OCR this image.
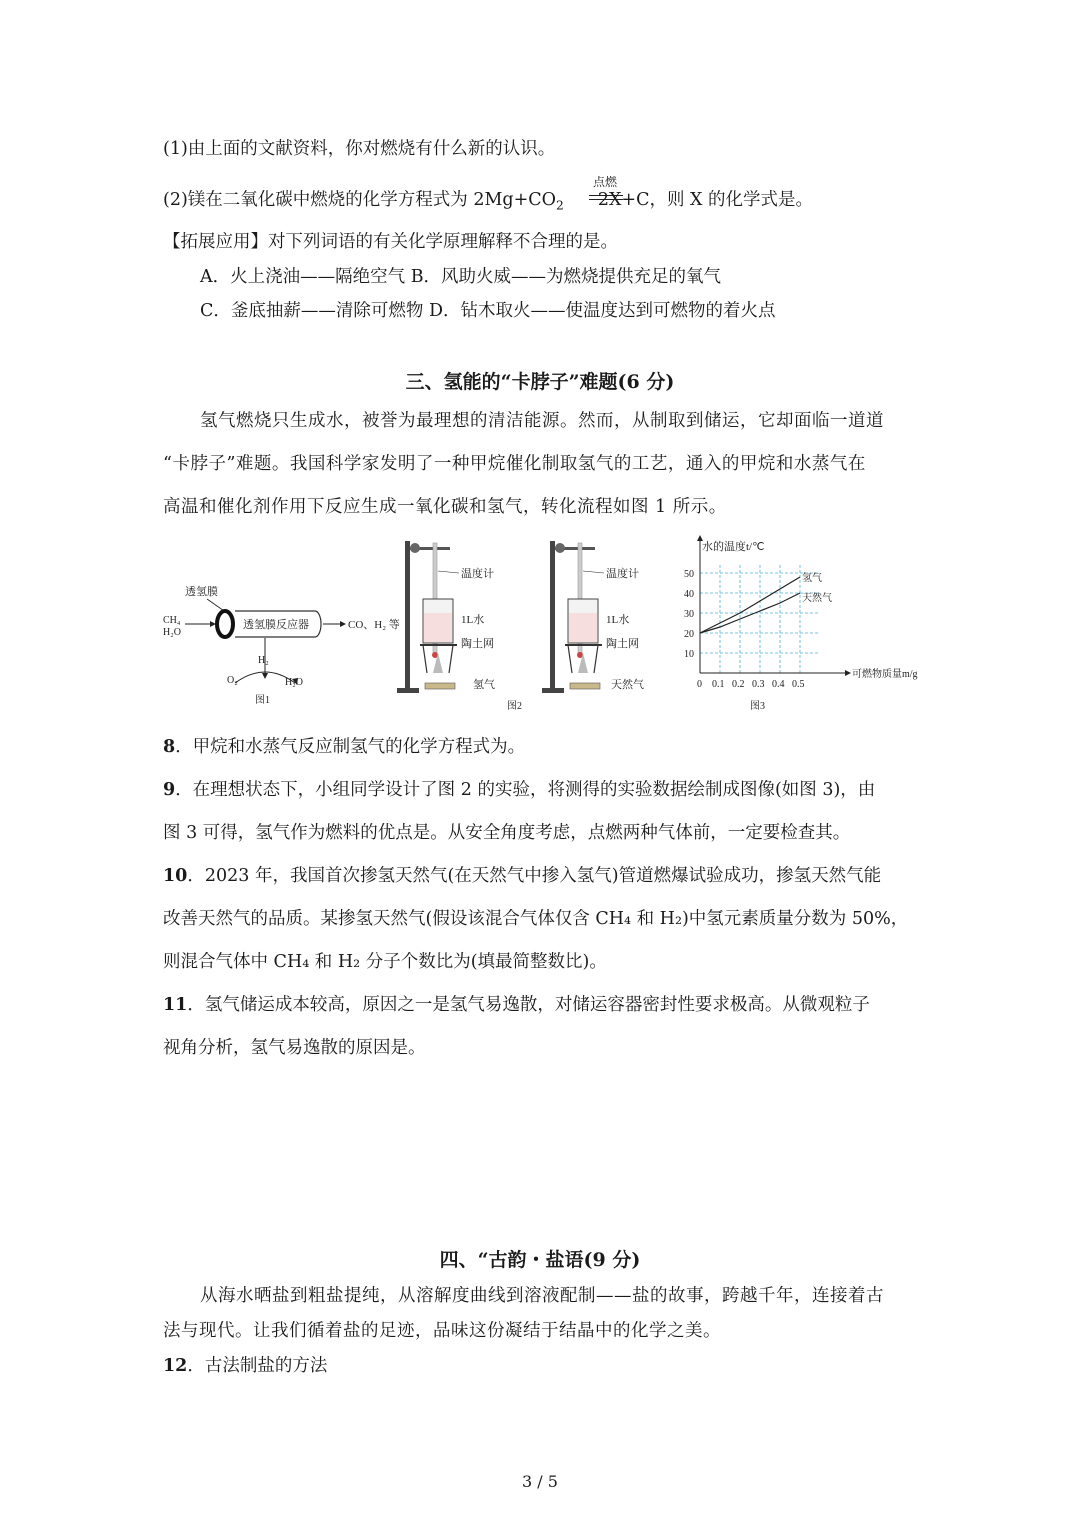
(1)由上面的文献资料，你对燃烧有什么新的认识。
(2)镁在二氧化碳中燃烧的化学方程式为 $2Mg+CO_2$ 2X+C，则 X 的化学式是。
点燃
【拓展应用】对下列词语的有关化学原理解释不合理的是。
A．火上浇油——隔绝空气 B．风助火威——为燃烧提供充足的氧气
C．釜底抽薪——清除可燃物 D．钻木取火——使温度达到可燃物的着火点
三、氢能的“卡脖子”难题(6 分)
氢气燃烧只生成水，被誉为最理想的清洁能源。然而，从制取到储运，它却面临一道道
“卡脖子”难题。我国科学家发明了一种甲烷催化制取氢气的工艺，通入的甲烷和水蒸气在
高温和催化剂作用下反应生成一氧化碳和氢气，转化流程如图 1 所示。
透氢膜
CH₄
H₂O
透氢膜反应器	CO、H₂ 等
H₂
O₂	H₂O
图1
温度计
1L水
陶土网
氢气
温度计
1L水
陶土网
天然气
图2
10
20
30
40
50
0 0.1 0.2 0.3 0.4 0.5
水的温度t/℃
可燃物质量m/g
氢气
天然气
图3
8．甲烷和水蒸气反应制氢气的化学方程式为。
9．在理想状态下，小组同学设计了图 2 的实验，将测得的实验数据绘制成图像(如图 3)，由
图 3 可得，氢气作为燃料的优点是。从安全角度考虑，点燃两种气体前，一定要检查其。
10．2023 年，我国首次掺氢天然气(在天然气中掺入氢气)管道燃爆试验成功，掺氢天然气能
改善天然气的品质。某掺氢天然气(假设该混合气体仅含 CH₄ 和 H₂)中氢元素质量分数为 50%，
则混合气体中 CH₄ 和 H₂ 分子个数比为(填最简整数比)。
11．氢气储运成本较高，原因之一是氢气易逸散，对储运容器密封性要求极高。从微观粒子
视角分析，氢气易逸散的原因是。
四、“古韵・盐语(9 分)
从海水晒盐到粗盐提纯，从溶解度曲线到溶液配制——盐的故事，跨越千年，连接着古
法与现代。让我们循着盐的足迹，品味这份凝结于结晶中的化学之美。
12．古法制盐的方法
3 / 5
